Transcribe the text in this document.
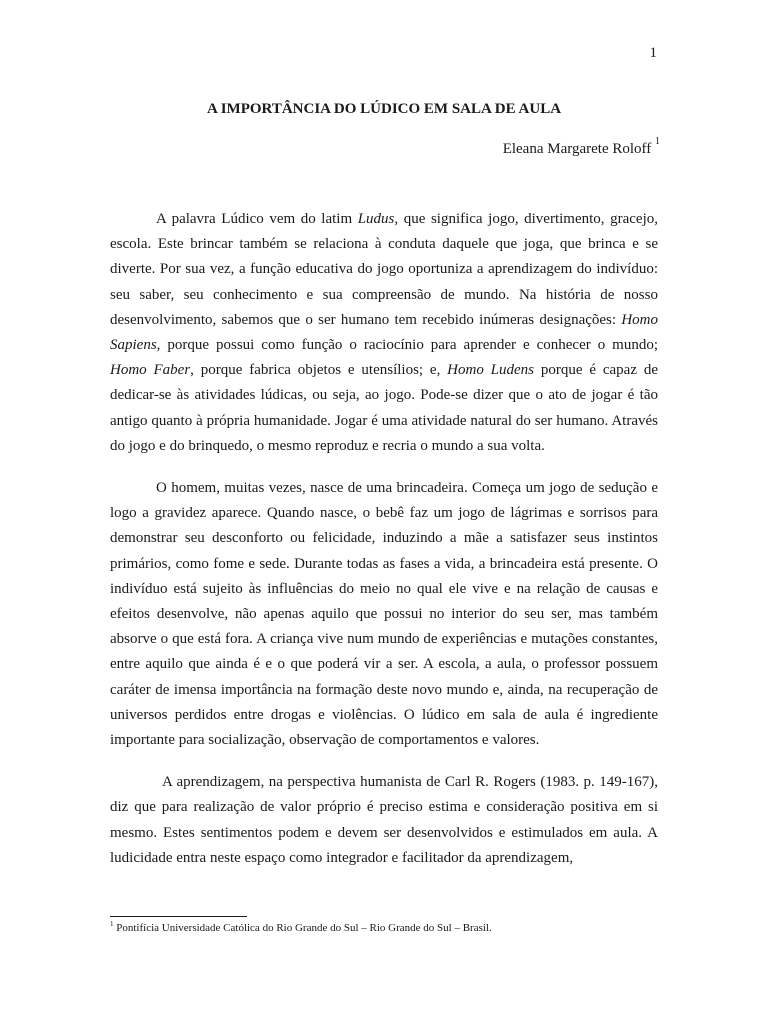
1
A IMPORTÂNCIA DO LÚDICO EM SALA DE AULA
Eleana Margarete Roloff $^1$

A palavra Lúdico vem do latim Ludus, que significa jogo, divertimento, gracejo, escola. Este brincar também se relaciona à conduta daquele que joga, que brinca e se diverte. Por sua vez, a função educativa do jogo oportuniza a aprendizagem do indivíduo: seu saber, seu conhecimento e sua compreensão de mundo. Na história de nosso desenvolvimento, sabemos que o ser humano tem recebido inúmeras designações: Homo Sapiens, porque possui como função o raciocínio para aprender e conhecer o mundo; Homo Faber, porque fabrica objetos e utensílios; e, Homo Ludens porque é capaz de dedicar-se às atividades lúdicas, ou seja, ao jogo. Pode-se dizer que o ato de jogar é tão antigo quanto à própria humanidade. Jogar é uma atividade natural do ser humano. Através do jogo e do brinquedo, o mesmo reproduz e recria o mundo a sua volta.

O homem, muitas vezes, nasce de uma brincadeira. Começa um jogo de sedução e logo a gravidez aparece. Quando nasce, o bebê faz um jogo de lágrimas e sorrisos para demonstrar seu desconforto ou felicidade, induzindo a mãe a satisfazer seus instintos primários, como fome e sede. Durante todas as fases a vida, a brincadeira está presente. O indivíduo está sujeito às influências do meio no qual ele vive e na relação de causas e efeitos desenvolve, não apenas aquilo que possui no interior do seu ser, mas também absorve o que está fora. A criança vive num mundo de experiências e mutações constantes, entre aquilo que ainda é e o que poderá vir a ser. A escola, a aula, o professor possuem caráter de imensa importância na formação deste novo mundo e, ainda, na recuperação de universos perdidos entre drogas e violências. O lúdico em sala de aula é ingrediente importante para socialização, observação de comportamentos e valores.

A aprendizagem, na perspectiva humanista de Carl R. Rogers (1983. p. 149-167), diz que para realização de valor próprio é preciso estima e consideração positiva em si mesmo. Estes sentimentos podem e devem ser desenvolvidos e estimulados em aula. A ludicidade entra neste espaço como integrador e facilitador da aprendizagem,

$^1$ Pontifícia Universidade Católica do Rio Grande do Sul – Rio Grande do Sul – Brasil.
